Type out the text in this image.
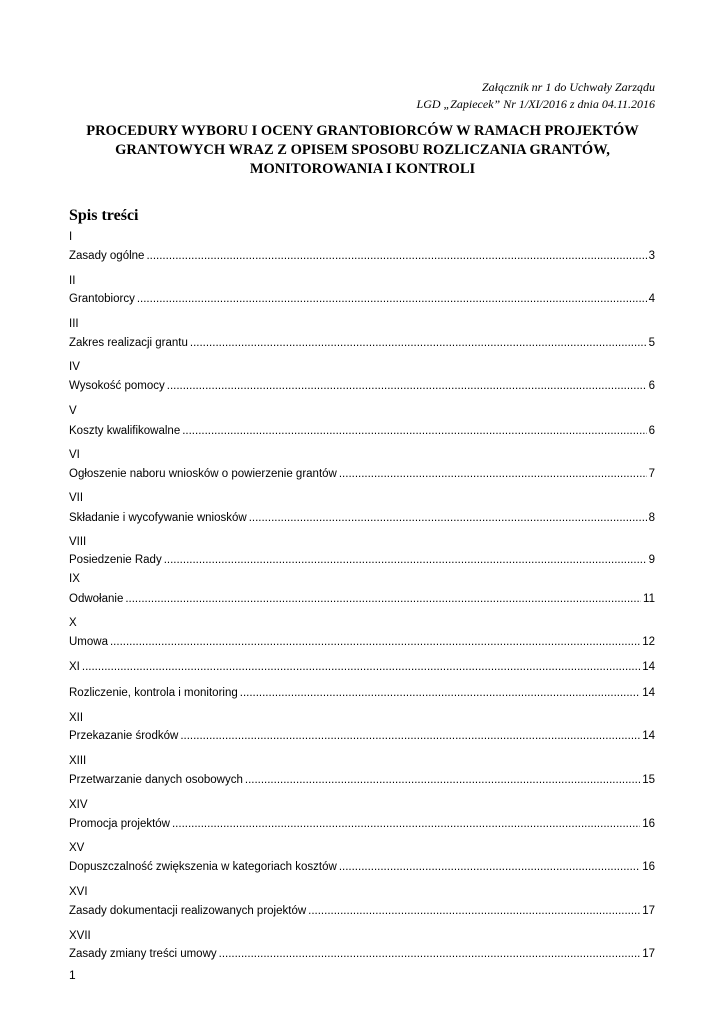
Załącznik nr 1 do Uchwały Zarządu
LGD „Zapiecek” Nr 1/XI/2016 z dnia 04.11.2016
PROCEDURY WYBORU I OCENY GRANTOBIORCÓW W RAMACH PROJEKTÓW
GRANTOWYCH WRAZ Z OPISEM SPOSOBU ROZLICZANIA GRANTÓW,
MONITOROWANIA I KONTROLI
Spis treści
I
Zasady ogólne .....	3
II
Grantobiorcy .....	4
III
Zakres realizacji grantu .....	5
IV
Wysokość pomocy .....	6
V
Koszty kwalifikowalne .....	6
VI
Ogłoszenie naboru wniosków o powierzenie grantów .....	7
VII
Składanie i wycofywanie wniosków .....	8
VIII
Posiedzenie Rady .....	9
IX
Odwołanie .....	11
X
Umowa .....	12
XI .....	14
Rozliczenie, kontrola i monitoring .....	14
XII
Przekazanie środków .....	14
XIII
Przetwarzanie danych osobowych .....	15
XIV
Promocja projektów .....	16
XV
Dopuszczalność zwiększenia w kategoriach kosztów .....	16
XVI
Zasady dokumentacji realizowanych projektów .....	17
XVII
Zasady zmiany treści umowy .....	17
1
